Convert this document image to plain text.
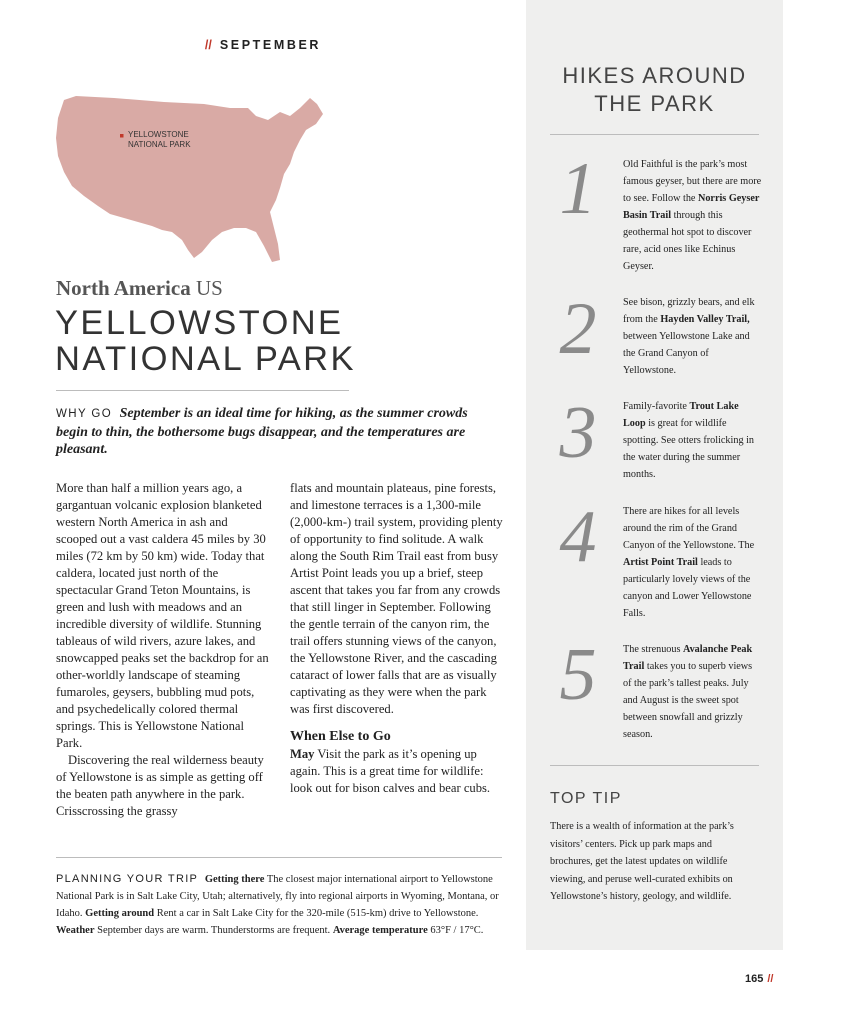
// SEPTEMBER
YELLOWSTONE
NATIONAL PARK
North America US
YELLOWSTONE
NATIONAL PARK
WHY GO September is an ideal time for hiking, as the summer crowds begin to thin, the bothersome bugs disappear, and the temperatures are pleasant.

More than half a million years ago, a gargantuan volcanic explosion blanketed western North America in ash and scooped out a vast caldera 45 miles by 30 miles (72 km by 50 km) wide. Today that caldera, located just north of the spectacular Grand Teton Mountains, is green and lush with meadows and an incredible diversity of wildlife. Stunning tableaus of wild rivers, azure lakes, and snowcapped peaks set the backdrop for an other-worldly landscape of steaming fumaroles, geysers, bubbling mud pots, and psychedelically colored thermal springs. This is Yellowstone National Park.

Discovering the real wilderness beauty of Yellowstone is as simple as getting off the beaten path anywhere in the park. Crisscrossing the grassy

flats and mountain plateaus, pine forests, and limestone terraces is a 1,300-mile (2,000-km-) trail system, providing plenty of opportunity to find solitude. A walk along the South Rim Trail east from busy Artist Point leads you up a brief, steep ascent that takes you far from any crowds that still linger in September. Following the gentle terrain of the canyon rim, the trail offers stunning views of the canyon, the Yellowstone River, and the cascading cataract of lower falls that are as visually captivating as they were when the park was first discovered.

When Else to Go

May Visit the park as it’s opening up again. This is a great time for wildlife: look out for bison calves and bear cubs.

PLANNING YOUR TRIP Getting there The closest major international airport to Yellowstone National Park is in Salt Lake City, Utah; alternatively, fly into regional airports in Wyoming, Montana, or Idaho. Getting around Rent a car in Salt Lake City for the 320-mile (515-km) drive to Yellowstone. Weather September days are warm. Thunderstorms are frequent. Average temperature 63°F / 17°C.
HIKES AROUND
THE PARK
1	Old Faithful is the park’s most famous geyser, but there are more to see. Follow the Norris Geyser Basin Trail through this geothermal hot spot to discover rare, acid ones like Echinus Geyser.
2	See bison, grizzly bears, and elk from the Hayden Valley Trail, between Yellowstone Lake and the Grand Canyon of Yellowstone.
3	Family-favorite Trout Lake Loop is great for wildlife spotting. See otters frolicking in the water during the summer months.
4	There are hikes for all levels around the rim of the Grand Canyon of the Yellowstone. The Artist Point Trail leads to particularly lovely views of the canyon and Lower Yellowstone Falls.
5	The strenuous Avalanche Peak Trail takes you to superb views of the park’s tallest peaks. July and August is the sweet spot between snowfall and grizzly season.
TOP TIP
There is a wealth of information at the park’s visitors’ centers. Pick up park maps and brochures, get the latest updates on wildlife viewing, and peruse well-curated exhibits on Yellowstone’s history, geology, and wildlife.
165 //
